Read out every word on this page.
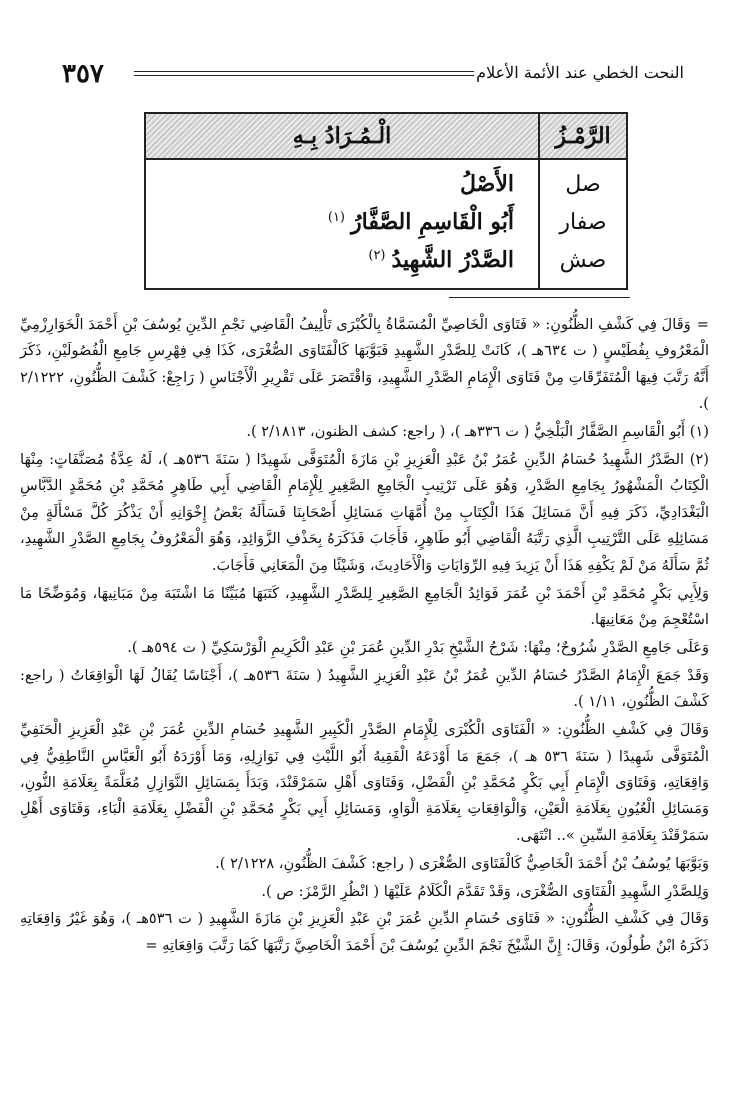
٣٥٧	النحت الخطي عند الأئمة الأعلام
الرَّمْـزُ	الْـمُـرَادُ بِـهِ
صل	الأَصْلُ
صفار	أَبُو الْقَاسِمِ الصَّفَّارُ$^{(١)}$
صش	الصَّدْرُ الشَّهِيدُ$^{(٢)}$

=وَقَالَ فِي كَشْفِ الظُّنُونِ: « فَتَاوَى الْخَاصِيِّ الْمُسَمَّاةُ بِالْكُبْرَى تَأْلِيفُ الْقَاضِي نَجْمِ الدِّينِ يُوسُفَ بْنِ أَحْمَدَ الْخَوَارِزْمِيِّ الْمَعْرُوفِ بِفُطَيْسٍ ( ت ٦٣٤هـ )، كَانَتْ لِلصَّدْرِ الشَّهِيدِ فَبَوَّبَهَا كَالْفَتَاوَى الصُّغْرَى، كَذَا فِي فِهْرِسِ جَامِعِ الْفُصُولَيْنِ، ذَكَرَ أَنَّهُ رَتَّبَ فِيهَا الْمُتَفَرِّقَاتِ مِنْ فَتَاوَى الْإِمَامِ الصَّدْرِ الشَّهِيدِ، وَاقْتَصَرَ عَلَى تَقْرِيرِ الْأَجْنَاسِ ( رَاجِعْ: كَشْفَ الظُّنُونِ، ٢/١٢٢٢ ).

(١) أَبُو الْقَاسِمِ الصَّفَّارُ الْبَلْخِيُّ ( ت ٣٣٦هـ )، ( راجع: كشف الظنون، ٢/١٨١٣ ).

(٢) الصَّدْرُ الشَّهِيدُ حُسَامُ الدِّينِ عُمَرُ بْنُ عَبْدِ الْعَزِيزِ بْنِ مَازَةَ الْمُتَوَفَّى شَهِيدًا ( سَنَةَ ٥٣٦هـ )، لَهُ عِدَّةُ مُصَنَّفَاتٍ: مِنْهَا الْكِتَابُ الْمَشْهُورُ بِجَامِعِ الصَّدْرِ، وَهُوَ عَلَى تَرْتِيبِ الْجَامِعِ الصَّغِيرِ لِلْإِمَامِ الْقَاضِي أَبِي طَاهِرٍ مُحَمَّدِ بْنِ مُحَمَّدٍ الدَّبَّاسِ الْبَغْدَادِيِّ، ذَكَرَ فِيهِ أَنَّ مَسَائِلَ هَذَا الْكِتَابِ مِنْ أُمَّهَاتِ مَسَائِلِ أَصْحَابِنَا فَسَأَلَهُ بَعْضُ إِخْوَانِهِ أَنْ يَذْكُرَ كُلَّ مَسْأَلَةٍ مِنْ مَسَائِلِهِ عَلَى التَّرْتِيبِ الَّذِي رَتَّبَهُ الْقَاضِي أَبُو طَاهِرٍ، فَأَجَابَ فَذَكَرَهُ بِحَذْفِ الزَّوَائِدِ، وَهُوَ الْمَعْرُوفُ بِجَامِعِ الصَّدْرِ الشَّهِيدِ، ثُمَّ سَأَلَهُ مَنْ لَمْ يَكْفِهِ هَذَا أَنْ يَزِيدَ فِيهِ الرِّوَايَاتِ وَالْأَحَادِيثَ، وَشَيْئًا مِنَ الْمَعَانِي فَأَجَابَ.

وَلِأَبِي بَكْرٍ مُحَمَّدِ بْنِ أَحْمَدَ بْنِ عُمَرَ فَوَائِدُ الْجَامِعِ الصَّغِيرِ لِلصَّدْرِ الشَّهِيدِ، كَتَبَهَا مُبَيِّنًا مَا اشْتَبَهَ مِنْ مَبَانِيهَا، وَمُوَضِّحًا مَا اسْتُعْجِمَ مِنْ مَعَانِيهَا.

وَعَلَى جَامِعِ الصَّدْرِ شُرُوحٌ؛ مِنْهَا: شَرْحُ الشَّيْخِ بَدْرِ الدِّينِ عُمَرَ بْنِ عَبْدِ الْكَرِيمِ الْوَرْسَكِيِّ ( ت ٥٩٤هـ ).

وَقَدْ جَمَعَ الْإِمَامُ الصَّدْرُ حُسَامُ الدِّينِ عُمَرُ بْنُ عَبْدِ الْعَزِيزِ الشَّهِيدُ ( سَنَةَ ٥٣٦هـ )، أَجْنَاسًا يُقَالُ لَهَا الْوَاقِعَاتُ ( راجع: كَشْفَ الظُّنُونِ، ١/١١ ).

وَقَالَ فِي كَشْفِ الظُّنُونِ: « الْفَتَاوَى الْكُبْرَى لِلْإِمَامِ الصَّدْرِ الْكَبِيرِ الشَّهِيدِ حُسَامِ الدِّينِ عُمَرَ بْنِ عَبْدِ الْعَزِيزِ الْحَنَفِيِّ الْمُتَوَفَّى شَهِيدًا ( سَنَةَ ٥٣٦ هـ )، جَمَعَ مَا أَوْدَعَهُ الْفَقِيهُ أَبُو اللَّيْثِ فِي نَوَازِلِهِ، وَمَا أَوْرَدَهُ أَبُو الْعَبَّاسِ النَّاطِفِيُّ فِي وَاقِعَاتِهِ، وَفَتَاوَى الْإِمَامِ أَبِي بَكْرٍ مُحَمَّدِ بْنِ الْفَضْلِ، وَفَتَاوَى أَهْلِ سَمَرْقَنْدَ، وَبَدَأَ بِمَسَائِلِ النَّوَازِلِ مُعَلَّمَةً بِعَلَامَةِ النُّونِ، وَمَسَائِلِ الْعُيُونِ بِعَلَامَةِ الْعَيْنِ، وَالْوَاقِعَاتِ بِعَلَامَةِ الْوَاوِ، وَمَسَائِلِ أَبِي بَكْرٍ مُحَمَّدِ بْنِ الْفَضْلِ بِعَلَامَةِ الْبَاءِ، وَفَتَاوَى أَهْلِ سَمَرْقَنْدَ بِعَلَامَةِ السِّينِ ».. انْتَهَى.

وَبَوَّبَهَا يُوسُفُ بْنُ أَحْمَدَ الْخَاصِيُّ كَالْفَتَاوَى الصُّغْرَى ( راجع: كَشْفَ الظُّنُونِ، ٢/١٢٢٨ ).

وَلِلصَّدْرِ الشَّهِيدِ الْفَتَاوَى الصُّغْرَى، وَقَدْ تَقَدَّمَ الْكَلَامُ عَلَيْهَا ( انْظُرِ الرَّمْزَ: ص ).

وَقَالَ فِي كَشْفِ الظُّنُونِ: « فَتَاوَى حُسَامِ الدِّينِ عُمَرَ بْنِ عَبْدِ الْعَزِيزِ بْنِ مَازَةَ الشَّهِيدِ ( ت ٥٣٦هـ )، وَهُوَ غَيْرُ وَاقِعَاتِهِ ذَكَرَهُ ابْنُ طُولُونَ، وَقَالَ: إِنَّ الشَّيْخَ نَجْمَ الدِّينِ يُوسُفَ بْنَ أَحْمَدَ الْخَاصِيَّ رَتَّبَهَا كَمَا رَتَّبَ وَاقِعَاتِهِ =
